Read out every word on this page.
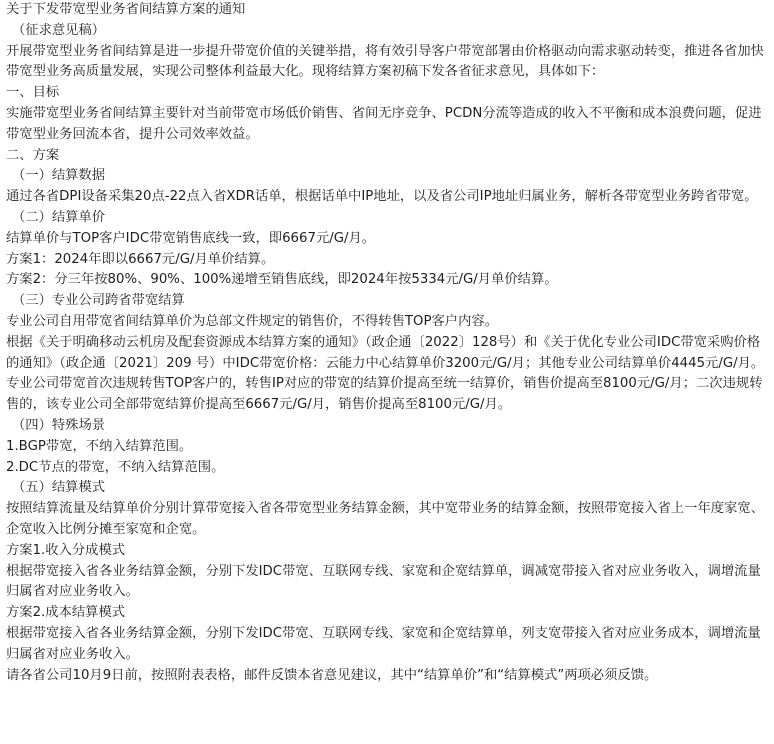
关于下发带宽型业务省间结算方案的通知
（征求意见稿）
开展带宽型业务省间结算是进一步提升带宽价值的关键举措，将有效引导客户带宽部署由价格驱动向需求驱动转变，推进各省加快带宽型业务高质量发展，实现公司整体利益最大化。现将结算方案初稿下发各省征求意见，具体如下：
一、目标
实施带宽型业务省间结算主要针对当前带宽市场低价销售、省间无序竞争、PCDN分流等造成的收入不平衡和成本浪费问题，促进带宽型业务回流本省，提升公司效率效益。
二、方案
（一）结算数据
通过各省DPI设备采集20点-22点入省XDR话单，根据话单中IP地址，以及省公司IP地址归属业务，解析各带宽型业务跨省带宽。
（二）结算单价
结算单价与TOP客户IDC带宽销售底线一致，即6667元/G/月。
方案1：2024年即以6667元/G/月单价结算。
方案2：分三年按80%、90%、100%递增至销售底线，即2024年按5334元/G/月单价结算。
（三）专业公司跨省带宽结算
专业公司自用带宽省间结算单价为总部文件规定的销售价，不得转售TOP客户内容。
根据《关于明确移动云机房及配套资源成本结算方案的通知》（政企通〔2022〕128号）和《关于优化专业公司IDC带宽采购价格的通知》（政企通〔2021〕209 号）中IDC带宽价格：云能力中心结算单价3200元/G/月；其他专业公司结算单价4445元/G/月。
专业公司带宽首次违规转售TOP客户的，转售IP对应的带宽的结算价提高至统一结算价，销售价提高至8100元/G/月；二次违规转售的，该专业公司全部带宽结算价提高至6667元/G/月，销售价提高至8100元/G/月。
（四）特殊场景
1.BGP带宽，不纳入结算范围。
2.DC节点的带宽，不纳入结算范围。
（五）结算模式
按照结算流量及结算单价分别计算带宽接入省各带宽型业务结算金额，其中宽带业务的结算金额，按照带宽接入省上一年度家宽、企宽收入比例分摊至家宽和企宽。
方案1.收入分成模式
根据带宽接入省各业务结算金额，分别下发IDC带宽、互联网专线、家宽和企宽结算单，调减宽带接入省对应业务收入，调增流量归属省对应业务收入。
方案2.成本结算模式
根据带宽接入省各业务结算金额，分别下发IDC带宽、互联网专线、家宽和企宽结算单，列支宽带接入省对应业务成本，调增流量归属省对应业务收入。
请各省公司10月9日前，按照附表表格，邮件反馈本省意见建议，其中“结算单价”和“结算模式”两项必须反馈。
